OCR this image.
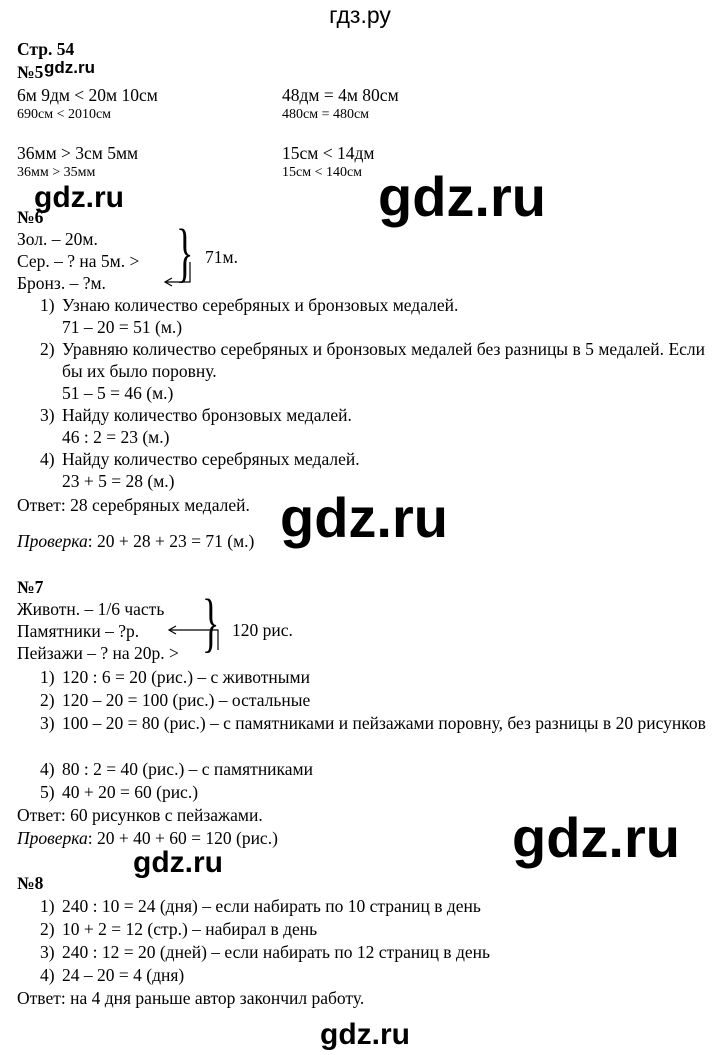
гдз.ру
gdz.ru
gdz.ru	gdz.ru
gdz.ru
gdz.ru
gdz.ru
gdz.ru
Стр. 54
№5
6м 9дм < 20м 10см
690см < 2010см
48дм = 4м 80см
480см = 480см
36мм > 3см 5мм
36мм > 35мм
15см < 14дм
15см < 140см
№6
Зол. – 20м.
Сер. – ? на 5м. >
Бронз. – ?м. } 71м.
1) Узнаю количество серебряных и бронзовых медалей.
71 – 20 = 51 (м.)
2) Уравняю количество серебряных и бронзовых медалей без разницы в 5 медалей. Если бы их было поровну.
51 – 5 = 46 (м.)
3) Найду количество бронзовых медалей.
46 : 2 = 23 (м.)
4) Найду количество серебряных медалей.
23 + 5 = 28 (м.)
Ответ: 28 серебряных медалей.
Проверка: 20 + 28 + 23 = 71 (м.)
№7
Животн. – 1/6 часть
Памятники – ?р.
Пейзажи – ? на 20р. > } 120 рис.
1) 120 : 6 = 20 (рис.) – с животными
2) 120 – 20 = 100 (рис.) – остальные
3) 100 – 20 = 80 (рис.) – с памятниками и пейзажами поровну, без разницы в 20 рисунков
4) 80 : 2 = 40 (рис.) – с памятниками
5) 40 + 20 = 60 (рис.)
Ответ: 60 рисунков с пейзажами.
Проверка: 20 + 40 + 60 = 120 (рис.)
№8
1) 240 : 10 = 24 (дня) – если набирать по 10 страниц в день
2) 10 + 2 = 12 (стр.) – набирал в день
3) 240 : 12 = 20 (дней) – если набирать по 12 страниц в день
4) 24 – 20 = 4 (дня)
Ответ: на 4 дня раньше автор закончил работу.
